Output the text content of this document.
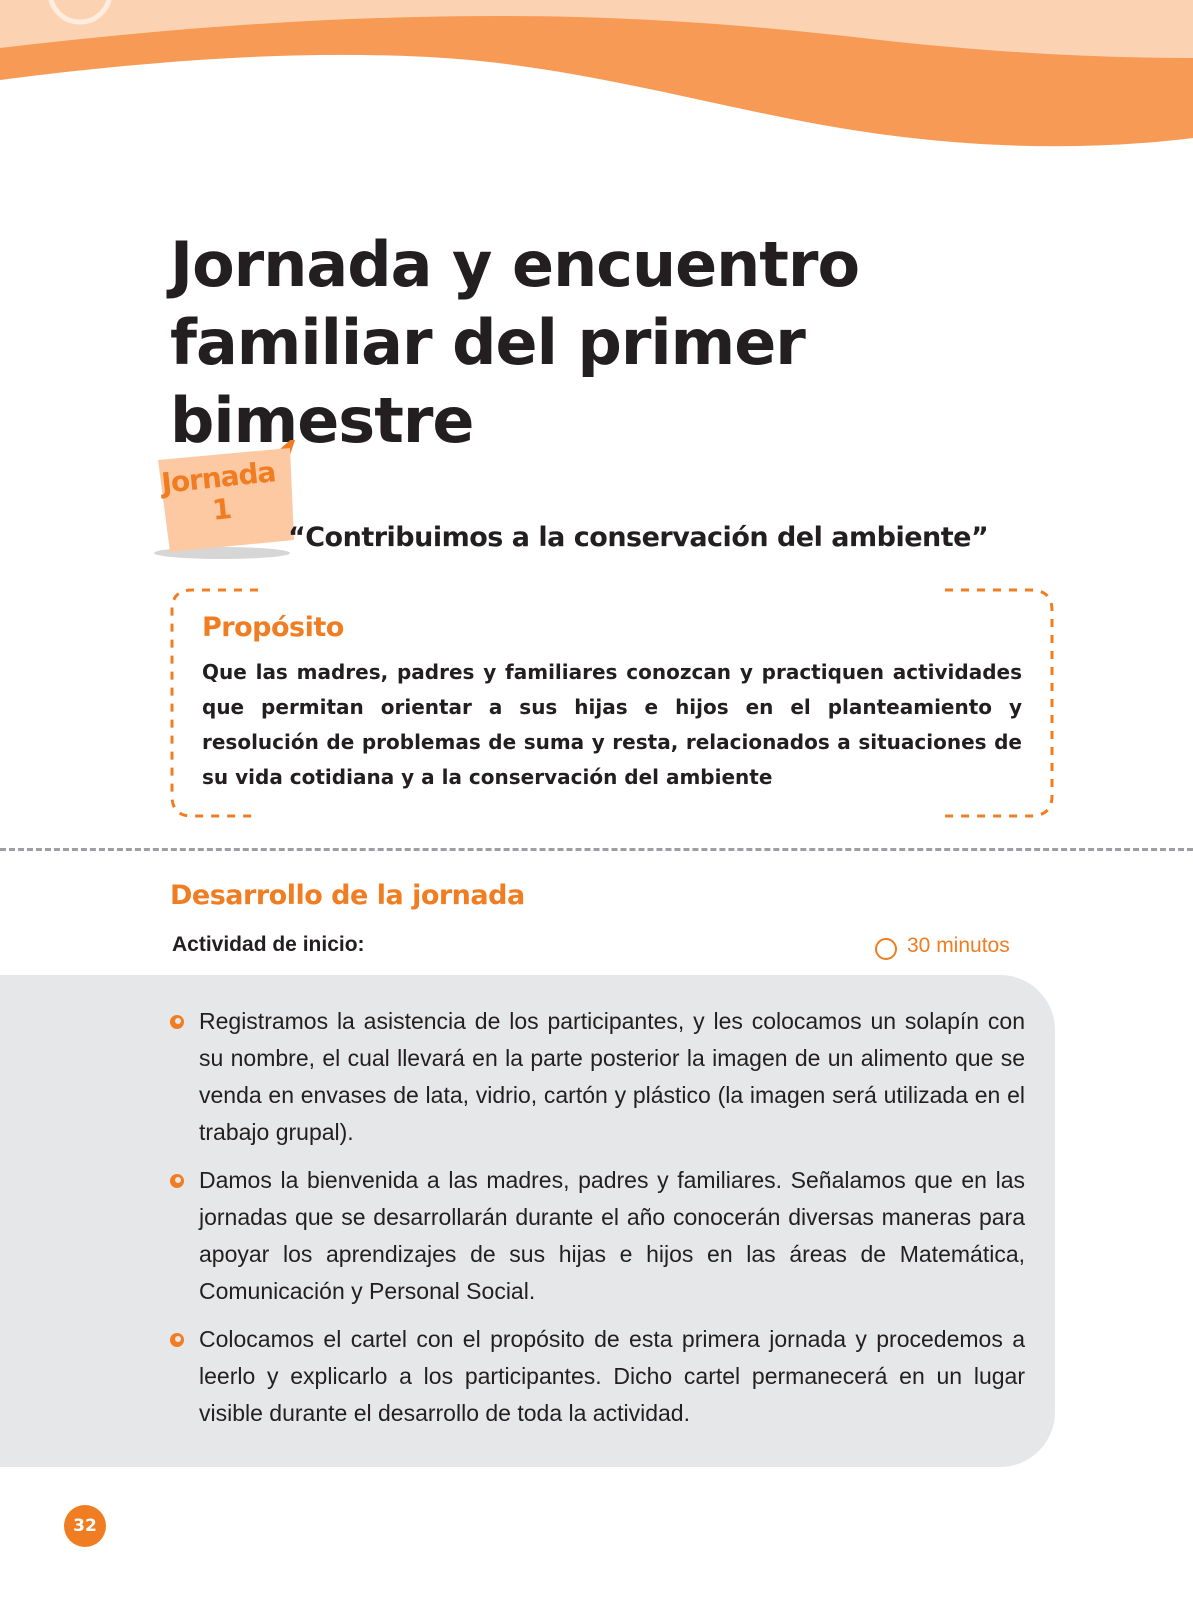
Jornada y encuentro familiar del primer bimestre
Jornada
1
“Contribuimos a la conservación del ambiente”
Propósito

Que las madres, padres y familiares conozcan y practiquen actividades que permitan orientar a sus hijas e hijos en el planteamiento y resolución de problemas de suma y resta, relacionados a situaciones de su vida cotidiana y a la conservación del ambiente

Desarrollo de la jornada
Actividad de inicio:	30 minutos
Registramos la asistencia de los participantes, y les colocamos un solapín con su nombre, el cual llevará en la parte posterior la imagen de un alimento que se venda en envases de lata, vidrio, cartón y plástico (la imagen será utilizada en el trabajo grupal).
Damos la bienvenida a las madres, padres y familiares. Señalamos que en las jornadas que se desarrollarán durante el año conocerán diversas maneras para apoyar los aprendizajes de sus hijas e hijos en las áreas de Matemática, Comunicación y Personal Social.
Colocamos el cartel con el propósito de esta primera jornada y procedemos a leerlo y explicarlo a los participantes. Dicho cartel permanecerá en un lugar visible durante el desarrollo de toda la actividad.
32
